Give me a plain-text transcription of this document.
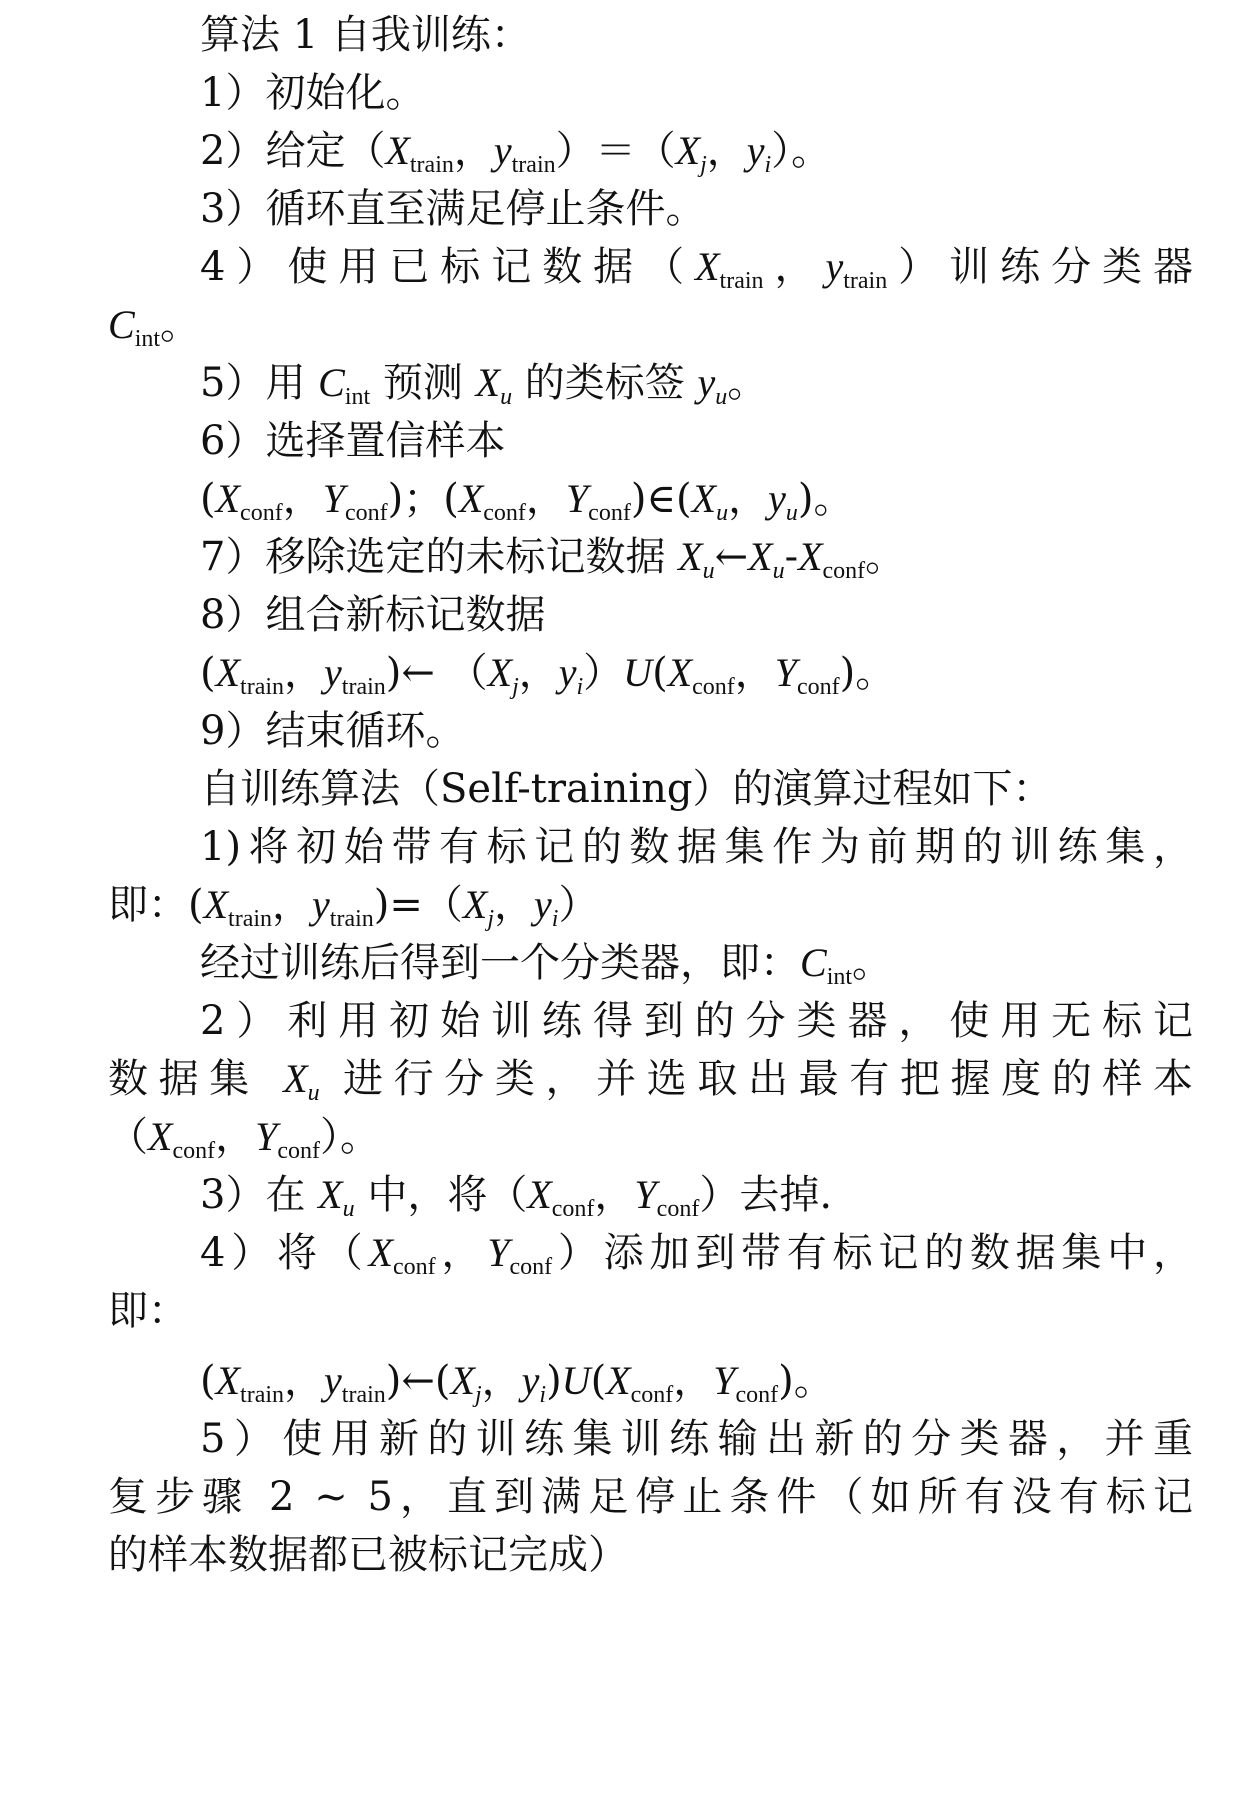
算法 1 自我训练：
1）初始化。
2）给定（$X_{train}$，$y_{train})=(X_j$，$y_i$）。
3）循环直至满足停止条件。
4）使用已标记数据（$X_{train}$，$y_{train}$）训练分类器
$C_{int}$。
5）用 $C_{int}$ 预测 $X_u$ 的类标签 $y_u$。
6）选择置信样本
($X_{conf}$，$Y_{conf}$)；($X_{conf}$，$Y_{conf})\in(X_u$，$y_u$)。
7）移除选定的未标记数据 $X_u\leftarrow X_u-X_{conf}$。
8）组合新标记数据
($X_{train}$，$y_{train})\leftarrow$ （$X_j$，$y_i)U(X_{conf}$，$Y_{conf}$)。
9）结束循环。
自训练算法（Self-training）的演算过程如下：
1)将初始带有标记的数据集作为前期的训练集，
即：($X_{train}$，$y_{train})=(X_j$，$y_i$）
经过训练后得到一个分类器，即：$C_{int}$。
2）利用初始训练得到的分类器，使用无标记
数据集 $X_u$ 进行分类，并选取出最有把握度的样本
（$X_{conf}$，$Y_{conf}$）。
3）在 $X_u$ 中，将（$X_{conf}$，$Y_{conf}$）去掉.
4）将（$X_{conf}$，$Y_{conf}$）添加到带有标记的数据集中，
即：
($X_{train}$，$y_{train})\leftarrow(X_j$，$y_i)U(X_{conf}$，$Y_{conf}$)。
5）使用新的训练集训练输出新的分类器，并重
复步骤 2 ~ 5，直到满足停止条件（如所有没有标记
的样本数据都已被标记完成）
